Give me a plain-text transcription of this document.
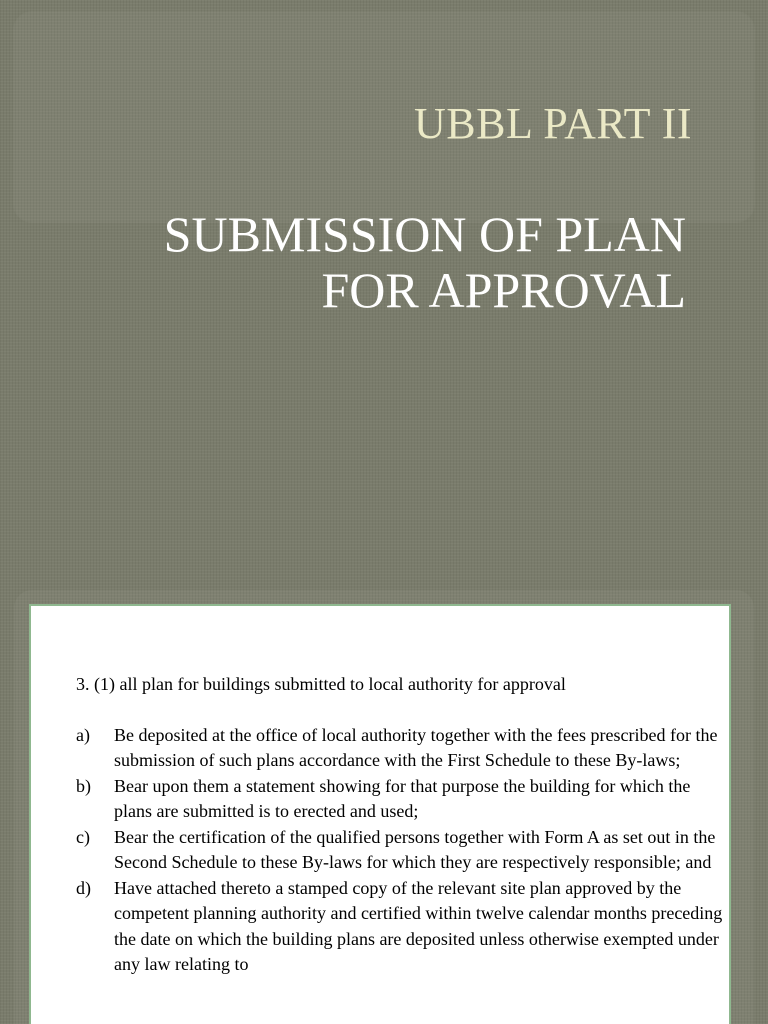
UBBL PART II
SUBMISSION OF PLAN
FOR APPROVAL

3. (1) all plan for buildings submitted to local authority for approval

a)	Be deposited at the office of local authority together with the fees prescribed for the submission of such plans accordance with the First Schedule to these By-laws;
b)	Bear upon them a statement showing for that purpose the building for which the plans are submitted is to erected and used;
c)	Bear the certification of the qualified persons together with Form A as set out in the Second Schedule to these By-laws for which they are respectively responsible; and
d)	Have attached thereto a stamped copy of the relevant site plan approved by the competent planning authority and certified within twelve calendar months preceding the date on which the building plans are deposited unless otherwise exempted under any law relating to
